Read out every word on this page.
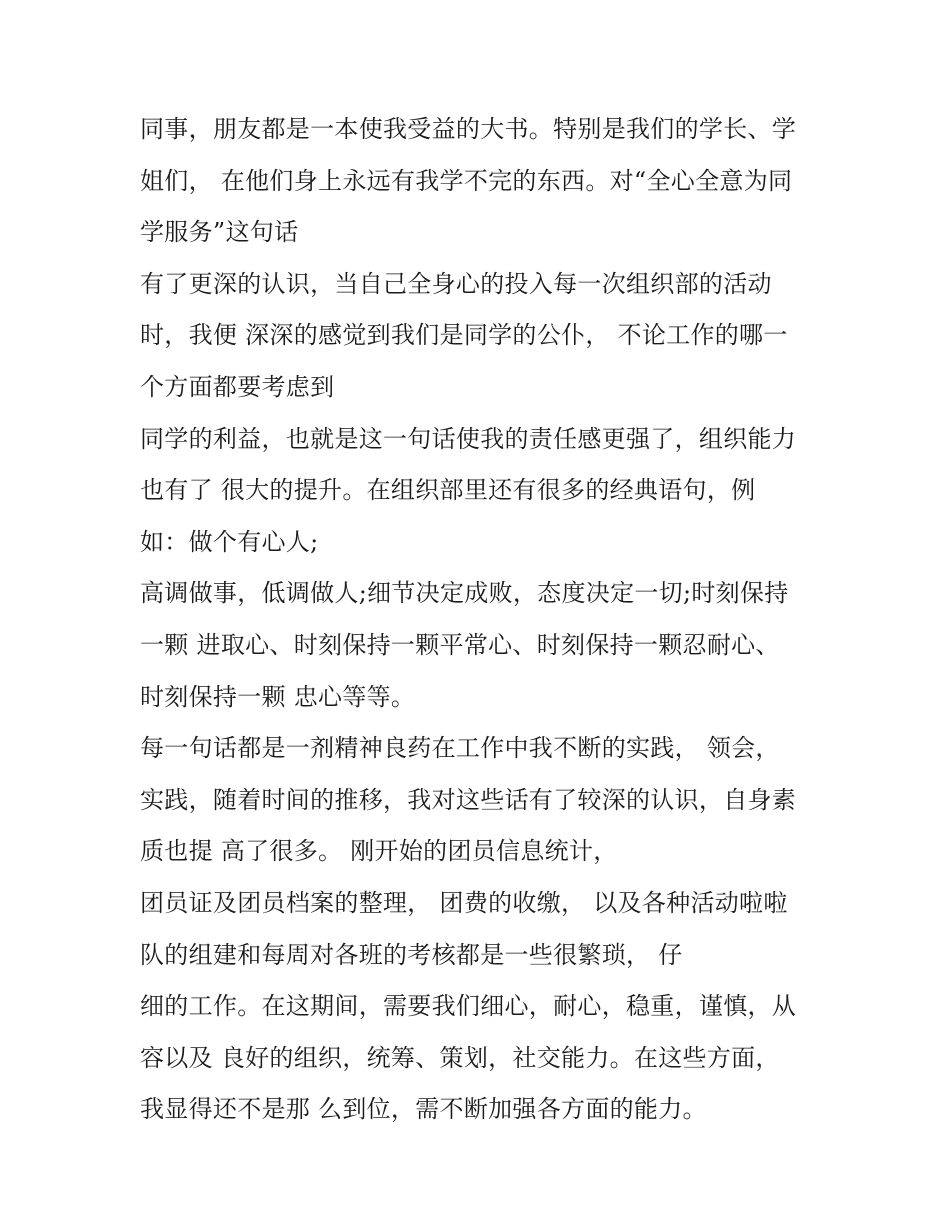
同事，朋友都是一本使我受益的大书。特别是我们的学长、学
姐们， 在他们身上永远有我学不完的东西。对“全心全意为同
学服务”这句话
有了更深的认识，当自己全身心的投入每一次组织部的活动
时，我便 深深的感觉到我们是同学的公仆， 不论工作的哪一
个方面都要考虑到
同学的利益，也就是这一句话使我的责任感更强了，组织能力
也有了 很大的提升。在组织部里还有很多的经典语句，例
如：做个有心人;
高调做事，低调做人;细节决定成败，态度决定一切;时刻保持
一颗 进取心、时刻保持一颗平常心、时刻保持一颗忍耐心、
时刻保持一颗 忠心等等。
每一句话都是一剂精神良药在工作中我不断的实践， 领会，
实践，随着时间的推移，我对这些话有了较深的认识，自身素
质也提 高了很多。 刚开始的团员信息统计，
团员证及团员档案的整理， 团费的收缴， 以及各种活动啦啦
队的组建和每周对各班的考核都是一些很繁琐， 仔
细的工作。在这期间，需要我们细心，耐心，稳重，谨慎，从
容以及 良好的组织，统筹、策划，社交能力。在这些方面，
我显得还不是那 么到位，需不断加强各方面的能力。
